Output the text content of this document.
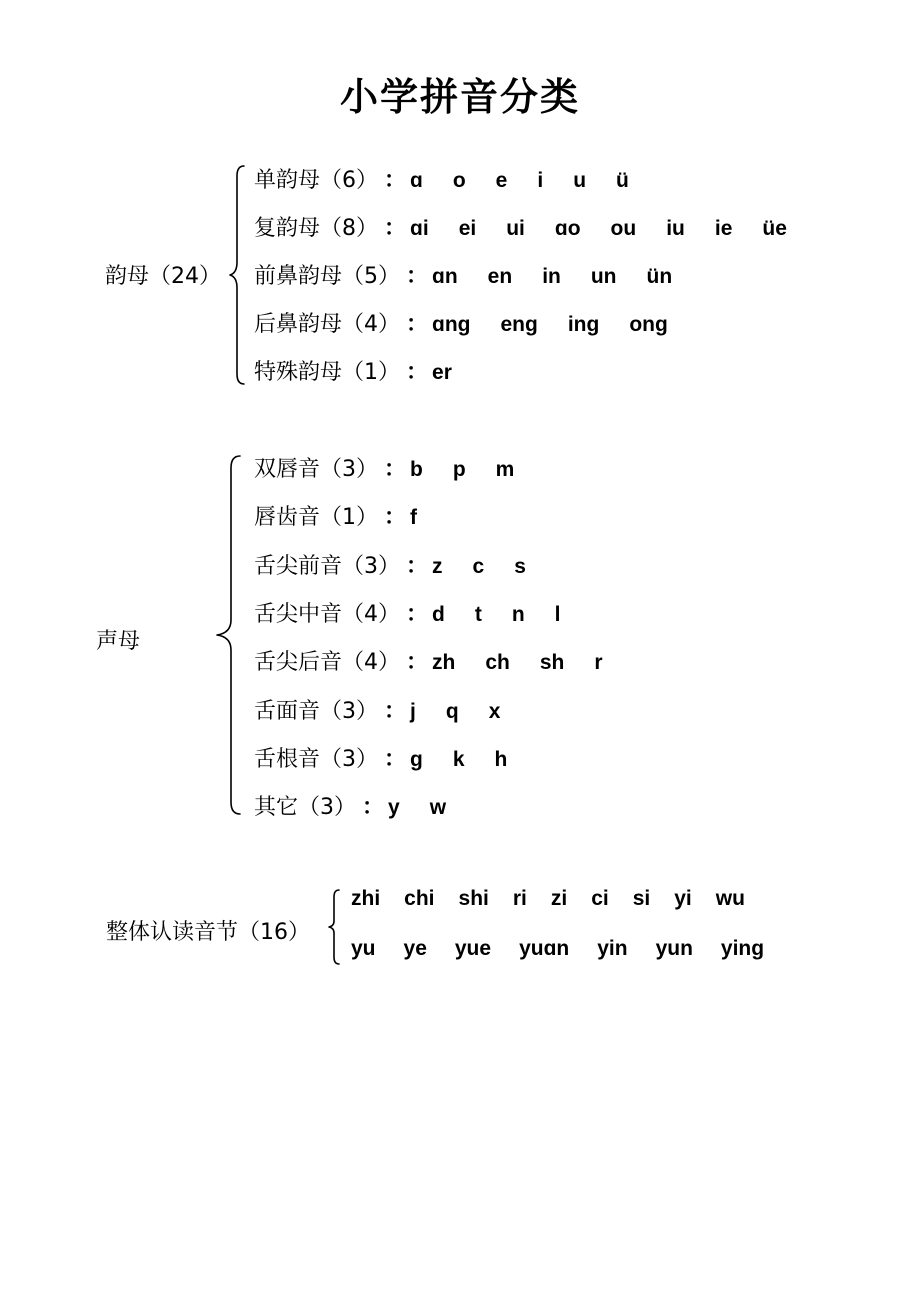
小学拼音分类
韵母（24）
单韵母（6） ： ɑ o e i u ü
复韵母（8） ： ɑi ei ui ɑo ou iu ie üe
前鼻韵母（5） ： ɑn en in un ün
后鼻韵母（4） ： ɑng eng ing ong
特殊韵母（1） ： er
声母
双唇音（3） ： b p m
唇齿音（1） ： f
舌尖前音（3） ： z c s
舌尖中音（4） ： d t n l
舌尖后音（4） ： zh ch sh r
舌面音（3） ： j q x
舌根音（3） ： g k h
其它（3） ： y w
整体认读音节（16）
zhi chi shi ri zi ci si yi wu
yu ye yue yuɑn yin yun ying
